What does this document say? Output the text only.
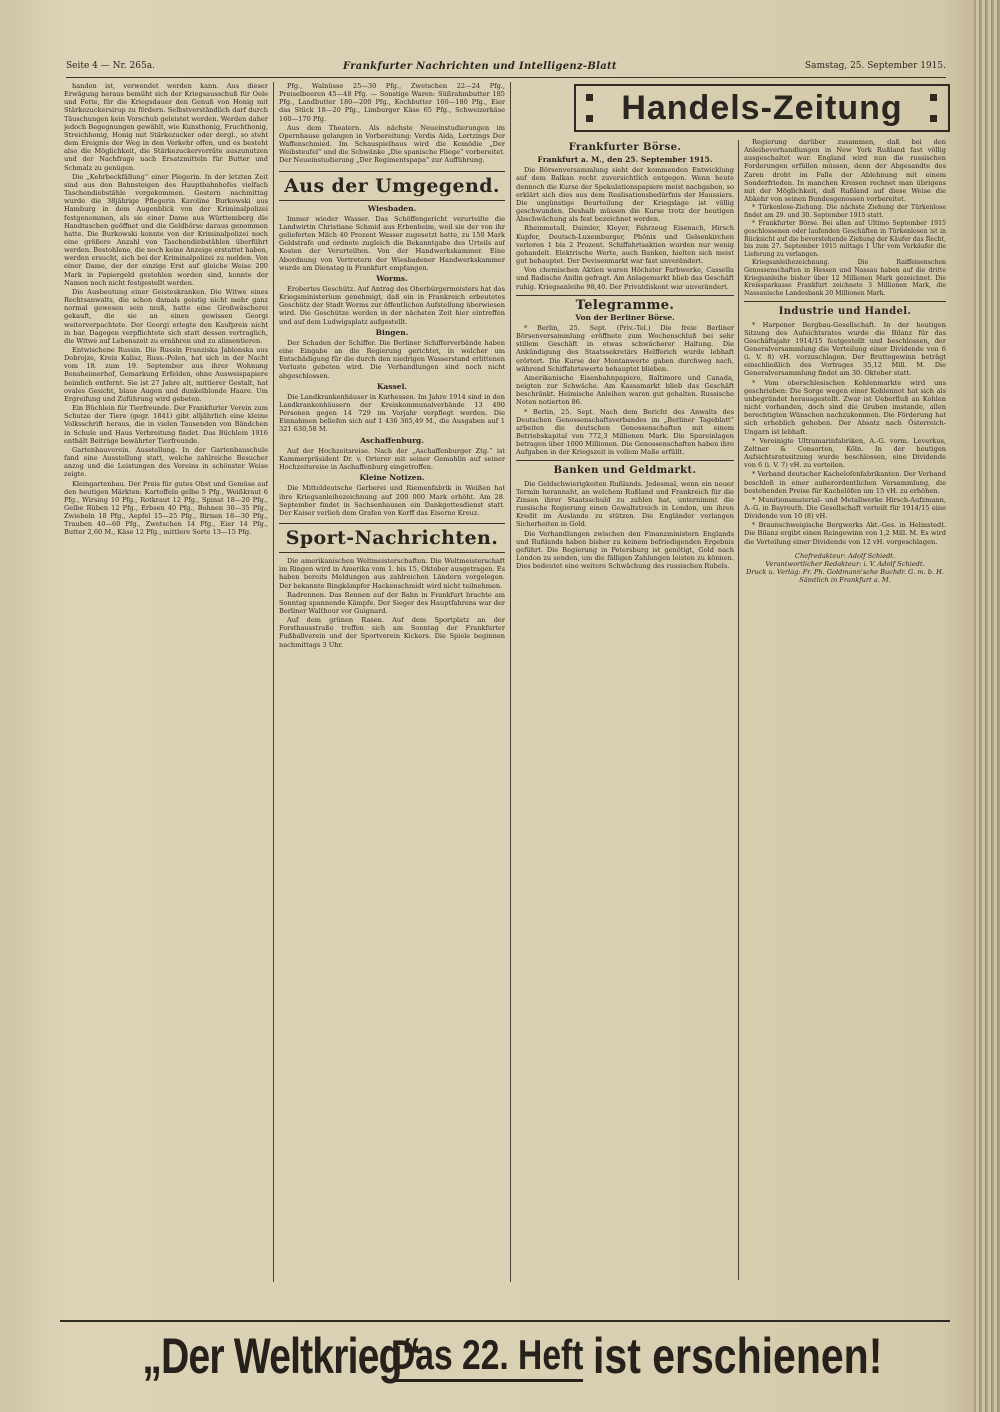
Seite 4 — Nr. 265a.	Frankfurter Nachrichten und Intelligenz-Blatt	Samstag, 25. September 1915.

handen ist, verwendet werden kann. Aus dieser Erwägung heraus bemüht sich der Kriegsausschuß für Oele und Fette, für die Kriegsdauer den Genuß von Honig mit Stärkezuckersirup zu fördern. Selbstverständlich darf durch Täuschungen kein Vorschub geleistet werden. Werden daher jedoch Begegnungen gewählt, wie Kunsthonig, Fruchthonig, Streichhonig, Honig mit Stärkezucker oder dergl., so steht dem Ereignis der Weg in den Verkehr offen, und es besteht also die Möglichkeit, die Stärkezuckervorräte auszunutzen und der Nachfrage nach Ersatzmitteln für Butter und Schmalz zu genügen.

Die „Kehrbeckfällung“ einer Plegerin. In der letzten Zeit sind aus den Bahnsteigen des Hauptbahnhofes vielfach Taschendiebstähle vorgekommen. Gestern nachmittag wurde die 38jährige Pflegerin Karoline Burkowski aus Hamburg in dem Augenblick von der Kriminalpolizei festgenommen, als sie einer Dame aus Württemberg die Handtaschen geöffnet und die Geldbörse daraus genommen hatte. Die Burkowski konnte von der Kriminalpolizei noch eine größere Anzahl von Taschendiebstählen überführt werden. Bestohlene, die noch keine Anzeige erstattet haben, werden ersucht, sich bei der Kriminalpolizei zu melden. Von einer Dame, der der einzige Erst auf gleiche Weise 200 Mark in Papiergeld gestohlen worden sind, konnte der Namen noch nicht festgestellt werden.

Die Ausbeutung einer Geisteskranken. Die Witwe eines Rechtsanwalts, die schon damals geistig nicht mehr ganz normal gewesen sein muß, hatte eine Großwäscherei gekauft, die sie an einen gewissen Georgi weiterverpachtete. Der Georgi erlegte den Kaufpreis nicht in bar. Dagegen verpflichtete sich statt dessen vertraglich, die Witwe auf Lebenszeit zu ernähren und zu alimentieren.

Entwischene Russin. Die Russin Franziska Jablonska aus Dobrojze, Kreis Kalisz, Russ.-Polen, hat sich in der Nacht vom 18. zum 19. September aus ihrer Wohnung Bensheimerhof, Gemarkung Erfelden, ohne Ausweispapiere heimlich entfernt. Sie ist 27 Jahre alt, mittlerer Gestalt, hat ovales Gesicht, blaue Augen und dunkelblonde Haare. Um Ergreifung und Zuführung wird gebeten.

Ein Büchlein für Tierfreunde. Der Frankfurter Verein zum Schutze der Tiere (gegr. 1841) gibt alljährlich eine kleine Volksschrift heraus, die in vielen Tausenden von Bändchen in Schule und Haus Verbreitung findet. Das Büchlein 1916 enthält Beiträge bewährter Tierfreunde.

Gartenbauverein. Ausstellung. In der Gartenbauschule fand eine Ausstellung statt, welche zahlreiche Besucher anzog und die Leistungen des Vereins in schönster Weise zeigte.

Kleingartenbau. Der Preis für gutes Obst und Gemüse auf den heutigen Märkten: Kartoffeln gelbe 5 Pfg., Weißkraut 6 Pfg., Wirsing 10 Pfg., Rotkraut 12 Pfg., Spinat 18—20 Pfg., Gelbe Rüben 12 Pfg., Erbsen 40 Pfg., Bohnen 30—35 Pfg., Zwiebeln 18 Pfg., Aepfel 15—25 Pfg., Birnen 18—30 Pfg., Trauben 40—60 Pfg., Zwetschen 14 Pfg., Eier 14 Pfg., Butter 2,60 M., Käse 12 Pfg., mittlere Sorte 13—15 Pfg.

Pfg., Walnüsse 25—30 Pfg., Zwetschen 22—24 Pfg., Preiselbeeren 45—48 Pfg. — Sonstige Waren: Süßrahmbutter 185 Pfg., Landbutter 180—200 Pfg., Kochbutter 160—180 Pfg., Eier das Stück 18—20 Pfg., Limburger Käse 65 Pfg., Schweizerkäse 160—170 Pfg.

Aus dem Theatern. Als nächste Neueinstudierungen im Opernhause gelangen in Vorbereitung: Verdis Aida, Lortzings Der Waffenschmied. Im Schauspielhaus wird die Komödie „Der Weibsteufel“ und die Schwänke „Die spanische Fliege“ vorbereitet. Der Neueinstudierung „Der Regimentspapa“ zur Aufführung.

Aus der Umgegend.
Wiesbaden.

Immer wieder Wasser. Das Schöffengericht verurteilte die Landwirtin Christiane Schmid aus Erbenheim, weil sie der von ihr gelieferten Milch 40 Prozent Wasser zugesetzt hatte, zu 150 Mark Geldstrafe und ordnete zugleich die Bekanntgabe des Urteils auf Kosten der Verurteilten. Von der Handwerkskammer. Eine Abordnung von Vertretern der Wiesbadener Handwerkskammer wurde am Dienstag in Frankfurt empfangen.

Worms.

Erobertes Geschütz. Auf Antrag des Oberbürgermeisters hat das Kriegsministerium genehmigt, daß ein in Frankreich erbeutetes Geschütz der Stadt Worms zur öffentlichen Aufstellung überwiesen wird. Die Geschütze werden in der nächsten Zeit hier eintreffen und auf dem Ludwigsplatz aufgestellt.

Bingen.

Der Schaden der Schiffer. Die Berliner Schifferverbände haben eine Eingabe an die Regierung gerichtet, in welcher um Entschädigung für die durch den niedrigen Wasserstand erlittenen Verluste gebeten wird. Die Verhandlungen sind noch nicht abgeschlossen.

Kassel.

Die Landkrankenhäuser in Kurhessen. Im Jahre 1914 sind in den Landkrankenhäusern der Kreiskommunalverbände 13 490 Personen gegen 14 729 im Vorjahr verpflegt worden. Die Einnahmen beliefen sich auf 1 436 365,49 M., die Ausgaben auf 1 321 630,58 M.

Aschaffenburg.

Auf der Hochzeitsreise. Nach der „Aschaffenburger Ztg.“ ist Kammerpräsident Dr. v. Orterer mit seiner Gemahlin auf seiner Hochzeitsreise in Aschaffenburg eingetroffen.

Kleine Notizen.

Die Mitteldeutsche Gerberei und Riemenfabrik in Weißen hat ihre Kriegsanleihezeichnung auf 200 000 Mark erhöht. Am 28. September findet in Sachsenhausen ein Dankgottesdienst statt. Der Kaiser verlieh dem Grafen von Korff das Eiserne Kreuz.

Sport-Nachrichten.

Die amerikanischen Weltmeisterschaften. Die Weltmeisterschaft im Ringen wird in Amerika vom 1. bis 15. Oktober ausgetragen. Es haben bereits Meldungen aus zahlreichen Ländern vorgelegen. Der bekannte Ringkämpfer Hackenschmidt wird nicht teilnehmen.

Radrennen. Das Rennen auf der Bahn in Frankfurt brachte am Sonntag spannende Kämpfe. Der Sieger des Hauptfahrens war der Berliner Walthour vor Guignard.

Auf dem grünen Rasen. Auf dem Sportplatz an der Forsthausstraße treffen sich am Sonntag der Frankfurter Fußballverein und der Sportverein Kickers. Die Spiele beginnen nachmittags 3 Uhr.

Handels-Zeitung
Frankfurter Börse.
Frankfurt a. M., den 25. September 1915.

Die Börsenversammlung sieht der kommenden Entwicklung auf dem Balkan recht zuversichtlich entgegen. Wenn heute dennoch die Kurse der Spekulationspapiere meist nachgaben, so erklärt sich dies aus dem Realisationsbedürfnis der Haussiers. Die ungünstige Beurteilung der Kriegslage ist völlig geschwunden. Deshalb müssen die Kurse trotz der heutigen Abschwächung als fest bezeichnet werden.

Rheinmetall, Daimler, Kleyer, Fahrzeug Eisenach, Hirsch Kupfer, Deutsch-Luxemburger, Phönix und Gelsenkirchen verloren 1 bis 2 Prozent. Schiffahrtsaktien wurden nur wenig gehandelt. Elektrische Werte, auch Banken, hielten sich meist gut behauptet. Der Devisenmarkt war fast unverändert.

Von chemischen Aktien waren Höchster Farbwerke, Cassella und Badische Anilin gefragt. Am Anlagemarkt blieb das Geschäft ruhig. Kriegsanleihe 98,40. Der Privatdiskont war unverändert.

Telegramme.
Von der Berliner Börse.

* Berlin, 25. Sept. (Priv.-Tel.) Die freie Berliner Börsenversammlung eröffnete zum Wochenschluß bei sehr stillem Geschäft in etwas schwächerer Haltung. Die Ankündigung des Staatssekretärs Helfferich wurde lebhaft erörtert. Die Kurse der Montanwerte gaben durchweg nach, während Schiffahrtswerte behauptet blieben.

Amerikanische Eisenbahnpapiere, Baltimore und Canada, neigten zur Schwäche. Am Kassamarkt blieb das Geschäft beschränkt. Heimische Anleihen waren gut gehalten. Russische Noten notierten 86.

* Berlin, 25. Sept. Nach dem Bericht des Anwalts des Deutschen Genossenschaftsverbandes im „Berliner Tageblatt“ arbeiten die deutschen Genossenschaften mit einem Betriebskapital von 772,3 Millionen Mark. Die Spareinlagen betragen über 1000 Millionen. Die Genossenschaften haben ihre Aufgaben in der Kriegszeit in vollem Maße erfüllt.

Banken und Geldmarkt.

Die Geldschwierigkeiten Rußlands. Jedesmal, wenn ein neuer Termin herannaht, an welchem Rußland und Frankreich für die Zinsen ihrer Staatsschuld zu zahlen hat, unternimmt die russische Regierung einen Gewaltstreich in London, um ihren Kredit im Auslande zu stützen. Die Engländer verlangen Sicherheiten in Gold.

Die Verhandlungen zwischen den Finanzministern Englands und Rußlands haben bisher zu keinem befriedigenden Ergebnis geführt. Die Regierung in Petersburg ist genötigt, Gold nach London zu senden, um die fälligen Zahlungen leisten zu können. Dies bedeutet eine weitere Schwächung des russischen Rubels.

Regierung darüber zusammen, daß bei den Anleiheverhandlungen in New York Rußland fast völlig ausgeschaltet war. England wird nun die russischen Forderungen erfüllen müssen, denn der Abgesandte des Zaren droht im Falle der Ablehnung mit einem Sonderfrieden. In manchen Kreisen rechnet man übrigens mit der Möglichkeit, daß Rußland auf diese Weise die Abkehr von seinen Bundesgenossen vorbereitet.

* Türkenlose-Ziehung. Die nächste Ziehung der Türkenlose findet am 29. und 30. September 1915 statt.

* Frankfurter Börse. Bei allen auf Ultimo September 1915 geschlossenen oder laufenden Geschäften in Türkenlosen ist in Rücksicht auf die bevorstehende Ziehung der Käufer das Recht, bis zum 27. September 1915 mittags 1 Uhr vom Verkäufer die Lieferung zu verlangen.

Kriegsanleihezeichnung. Die Raiffeisenschen Genossenschaften in Hessen und Nassau haben auf die dritte Kriegsanleihe bisher über 12 Millionen Mark gezeichnet. Die Kreissparkasse Frankfurt zeichnete 3 Millionen Mark, die Nassauische Landesbank 20 Millionen Mark.

Industrie und Handel.

* Harpener Bergbau-Gesellschaft. In der heutigen Sitzung des Aufsichtsrates wurde die Bilanz für das Geschäftsjahr 1914/15 festgestellt und beschlossen, der Generalversammlung die Verteilung einer Dividende von 6 (i. V. 8) vH. vorzuschlagen. Der Bruttogewinn beträgt einschließlich des Vortrages 35,12 Mill. M. Die Generalversammlung findet am 30. Oktober statt.

* Vom oberschlesischen Kohlenmarkte wird uns geschrieben: Die Sorge wegen einer Kohlennot hat sich als unbegründet herausgestellt. Zwar ist Ueberfluß an Kohlen nicht vorhanden, doch sind die Gruben imstande, allen berechtigten Wünschen nachzukommen. Die Förderung hat sich erheblich gehoben. Der Absatz nach Österreich-Ungarn ist lebhaft.

* Vereinigte Ultramarinfabriken, A.-G. vorm. Leverkus, Zeltner & Consorten, Köln. In der heutigen Aufsichtsratssitzung wurde beschlossen, eine Dividende von 6 (i. V. 7) vH. zu verteilen.

* Verband deutscher Kachelofenfabrikanten. Der Verband beschloß in einer außerordentlichen Versammlung, die bestehenden Preise für Kachelöfen um 15 vH. zu erhöhen.

* Munitionsmaterial- und Metallwerke Hirsch-Aufzmann, A.-G. in Bayreuth. Die Gesellschaft verteilt für 1914/15 eine Dividende von 10 (8) vH.

* Braunschweigische Bergwerks Akt.-Ges. in Helmstedt. Die Bilanz ergibt einen Reingewinn von 1,2 Mill. M. Es wird die Verteilung einer Dividende von 12 vH. vorgeschlagen.

Chefredakteur: Adolf Schiedt.
Verantwortlicher Redakteur: i. V. Adolf Schiedt.
Druck u. Verlag: Fr. Ph. Goldmann'sche Buchdr. G. m. b. H.
Sämtlich in Frankfurt a. M.
„Der Weltkrieg“
Das 22. Heft ist erschienen!
